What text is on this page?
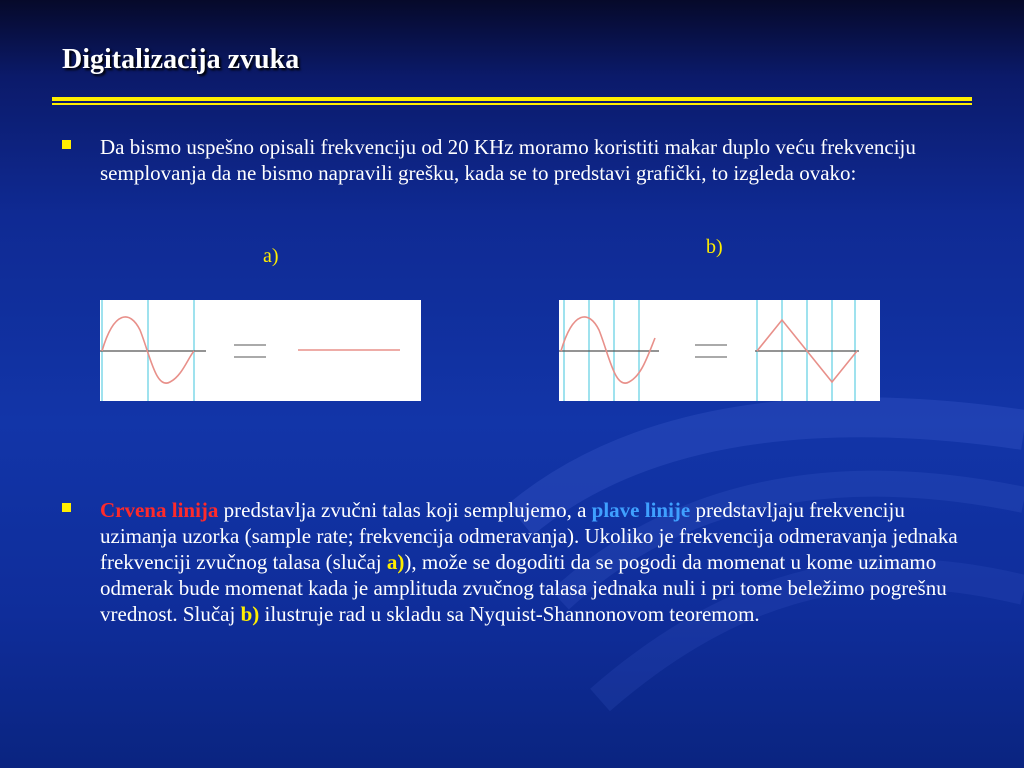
Digitalizacija zvuka
Da bismo uspešno opisali frekvenciju od 20 KHz moramo koristiti makar duplo veću frekvenciju semplovanja da ne bismo napravili grešku, kada se to predstavi grafički, to izgleda ovako:
a)	b)
Crvena linija predstavlja zvučni talas koji semplujemo, a plave linije predstavljaju frekvenciju uzimanja uzorka (sample rate; frekvencija odmeravanja). Ukoliko je frekvencija odmeravanja jednaka frekvenciji zvučnog talasa (slučaj a)), može se dogoditi da se pogodi da momenat u kome uzimamo odmerak bude momenat kada je amplituda zvučnog talasa jednaka nuli i pri tome beležimo pogrešnu vrednost. Slučaj b) ilustruje rad u skladu sa Nyquist-Shannonovom teoremom.
